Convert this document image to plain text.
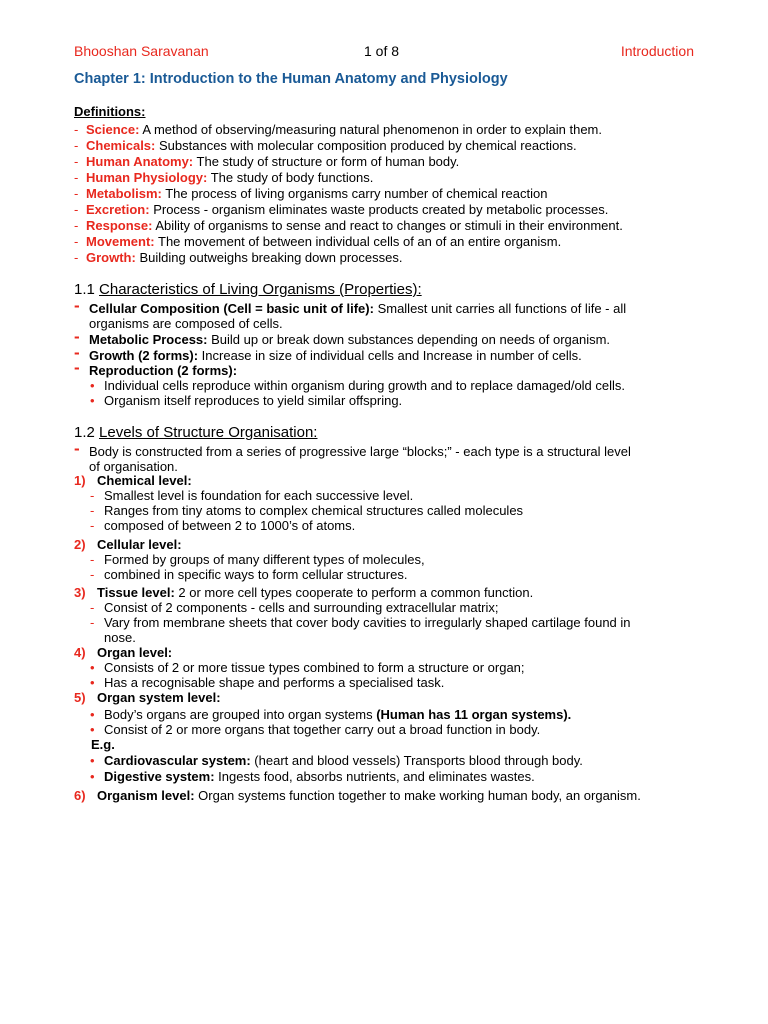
Bhooshan Saravanan	1 of 8	Introduction
Chapter 1: Introduction to the Human Anatomy and Physiology
Definitions:
- Science: A method of observing/measuring natural phenomenon in order to explain them.
- Chemicals: Substances with molecular composition produced by chemical reactions.
- Human Anatomy: The study of structure or form of human body.
- Human Physiology: The study of body functions.
- Metabolism: The process of living organisms carry number of chemical reaction
- Excretion: Process - organism eliminates waste products created by metabolic processes.
- Response: Ability of organisms to sense and react to changes or stimuli in their environment.
- Movement: The movement of between individual cells of an of an entire organism.
- Growth: Building outweighs breaking down processes.
1.1 Characteristics of Living Organisms (Properties):
- Cellular Composition (Cell = basic unit of life): Smallest unit carries all functions of life - all
organisms are composed of cells.
- Metabolic Process: Build up or break down substances depending on needs of organism.
- Growth (2 forms): Increase in size of individual cells and Increase in number of cells.
- Reproduction (2 forms):
• Individual cells reproduce within organism during growth and to replace damaged/old cells.
• Organism itself reproduces to yield similar offspring.
1.2 Levels of Structure Organisation:
- Body is constructed from a series of progressive large “blocks;” - each type is a structural level
of organisation.
1) Chemical level:
- Smallest level is foundation for each successive level.
- Ranges from tiny atoms to complex chemical structures called molecules
- composed of between 2 to 1000’s of atoms.
2) Cellular level:
- Formed by groups of many different types of molecules,
- combined in specific ways to form cellular structures.
3) Tissue level: 2 or more cell types cooperate to perform a common function.
- Consist of 2 components - cells and surrounding extracellular matrix;
- Vary from membrane sheets that cover body cavities to irregularly shaped cartilage found in
nose.
4) Organ level:
• Consists of 2 or more tissue types combined to form a structure or organ;
• Has a recognisable shape and performs a specialised task.
5) Organ system level:
• Body’s organs are grouped into organ systems (Human has 11 organ systems).
• Consist of 2 or more organs that together carry out a broad function in body.
E.g.
• Cardiovascular system: (heart and blood vessels) Transports blood through body.
• Digestive system: Ingests food, absorbs nutrients, and eliminates wastes.
6) Organism level: Organ systems function together to make working human body, an organism.
